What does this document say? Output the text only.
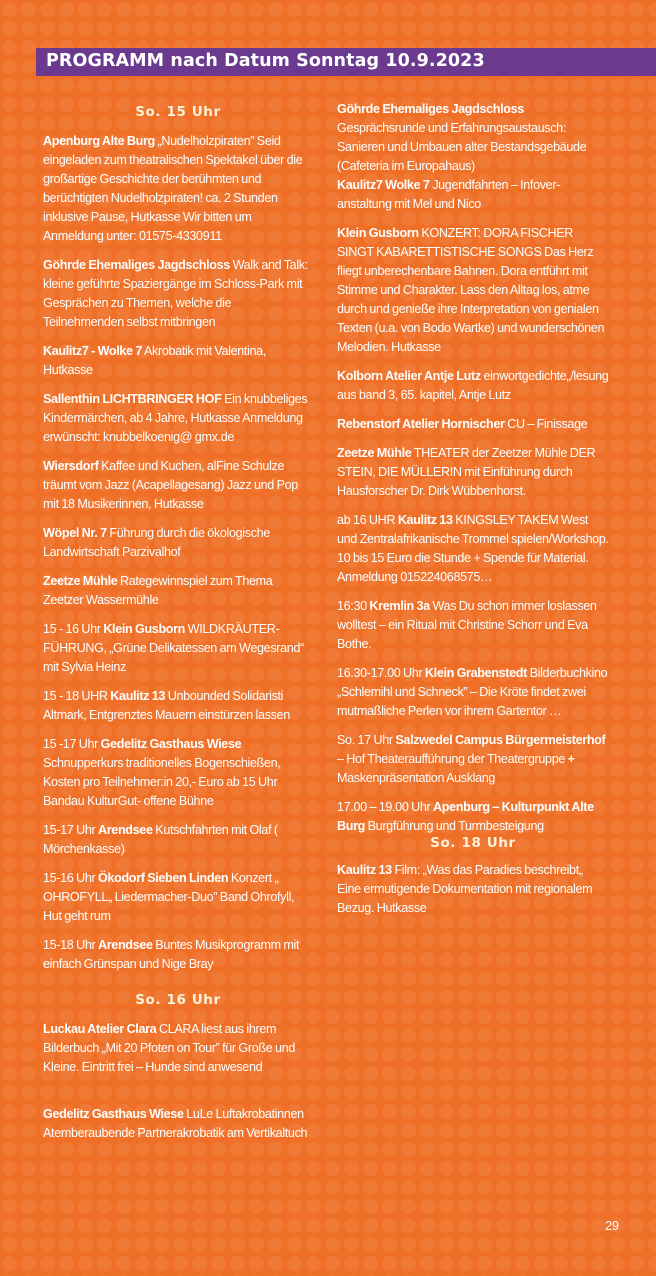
PROGRAMM nach Datum Sonntag 10.9.2023
So. 15 Uhr

Apenburg Alte Burg „Nudelholzpiraten” Seid eingeladen zum theatralischen Spektakel über die großartige Geschichte der berühmten und berüchtigten Nudelholzpiraten! ca. 2 Stunden inklusive Pause, Hutkasse Wir bitten um Anmeldung unter: 01575-4330911

Göhrde Ehemaliges Jagdschloss Walk and Talk: kleine geführte Spaziergänge im Schloss-Park mit Gesprächen zu Themen, welche die Teilnehmenden selbst mitbringen

Kaulitz7 - Wolke 7 Akrobatik mit Valentina, Hutkasse

Sallenthin LICHTBRINGER HOF Ein knubbeliges Kindermärchen, ab 4 Jahre, Hutkasse Anmeldung erwünscht: knubbelkoenig@ gmx.de

Wiersdorf Kaffee und Kuchen, alFine Schulze träumt vom Jazz (Acapellagesang) Jazz und Pop mit 18 Musikerinnen, Hutkasse

Wöpel Nr. 7 Führung durch die ökologische Landwirtschaft Parzivalhof

Zeetze Mühle Rategewinnspiel zum Thema Zeetzer Wassermühle

15 - 16 Uhr Klein Gusborn WILDKRÄUTER-FÜHRUNG, „Grüne Delikatessen am Wegesrand“ mit Sylvia Heinz

15 - 18 UHR Kaulitz 13 Unbounded Solidaristi Altmark, Entgrenztes Mauern einstürzen lassen

15 -17 Uhr Gedelitz Gasthaus Wiese Schnupperkurs traditionelles Bogenschießen, Kosten pro Teilnehmer:in 20,- Euro ab 15 Uhr Bandau KulturGut- offene Bühne

15-17 Uhr Arendsee Kutschfahrten mit Olaf ( Mörchenkasse)

15-16 Uhr Ökodorf Sieben Linden Konzert „ OHROFYLL„ Liedermacher-Duo” Band Ohrofyll, Hut geht rum

15-18 Uhr Arendsee Buntes Musikprogramm mit einfach Grünspan und Nige Bray

So. 16 Uhr

Luckau Atelier Clara CLARA liest aus ihrem Bilderbuch „Mit 20 Pfoten on Tour” für Große und Kleine. Eintritt frei – Hunde sind anwesend

Gedelitz Gasthaus Wiese LuLe Luftakrobatinnen Atemberaubende Partnerakrobatik am Vertikaltuch

Göhrde Ehemaliges Jagdschloss Gesprächsrunde und Erfahrungsaustausch: Sanieren und Umbauen alter Bestandsgebäude (Cafeteria im Europahaus)
Kaulitz7 Wolke 7 Jugendfahrten – Infoveranstaltung mit Mel und Nico

Klein Gusborn KONZERT: DORA FISCHER SINGT KABARETTISTISCHE SONGS Das Herz fliegt unberechenbare Bahnen. Dora entführt mit Stimme und Charakter. Lass den Alltag los, atme durch und genieße ihre Interpretation von genialen Texten (u.a. von Bodo Wartke) und wunderschönen Melodien. Hutkasse

Kolborn Atelier Antje Lutz einwortgedichte„/lesung aus band 3, 65. kapitel, Antje Lutz

Rebenstorf Atelier Hornischer CU – Finissage

Zeetze Mühle THEATER der Zeetzer Mühle DER STEIN, DIE MÜLLERIN mit Einführung durch Hausforscher Dr. Dirk Wübbenhorst.

ab 16 UHR Kaulitz 13 KINGSLEY TAKEM West und Zentralafrikanische Trommel spielen/Workshop. 10 bis 15 Euro die Stunde + Spende für Material. Anmeldung 015224068575…

16:30 Kremlin 3a Was Du schon immer loslassen wolltest – ein Ritual mit Christine Schorr und Eva Bothe.

16.30-17.00 Uhr Klein Grabenstedt Bilderbuchkino „Schlemihl und Schneck” – Die Kröte findet zwei mutmaßliche Perlen vor ihrem Gartentor …

So. 17 Uhr Salzwedel Campus Bürgermeisterhof – Hof Theateraufführung der Theatergruppe + Maskenpräsentation Ausklang

17.00 – 19.00 Uhr Apenburg – Kulturpunkt Alte Burg Burgführung und Turmbesteigung

So. 18 Uhr

Kaulitz 13 Film: „Was das Paradies beschreibt„ Eine ermutigende Dokumentation mit regionalem Bezug. Hutkasse

29
